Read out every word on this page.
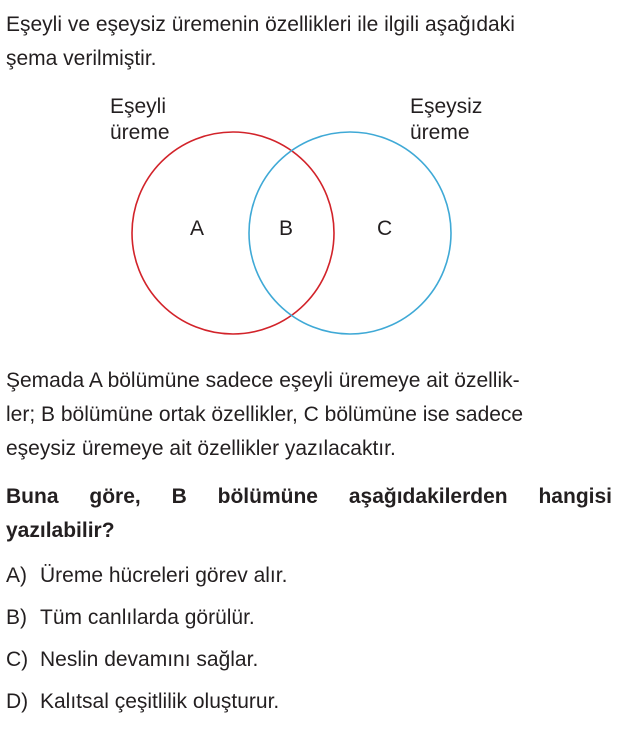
Eşeyli ve eşeysiz üremenin özellikleri ile ilgili aşağıdaki
şema verilmiştir.

Eşeyli
üreme
Eşeysiz
üreme
A	B	C

Şemada A bölümüne sadece eşeyli üremeye ait özellik-
ler; B bölümüne ortak özellikler, C bölümüne ise sadece
eşeysiz üremeye ait özellikler yazılacaktır.

Buna göre, B bölümüne aşağıdakilerden hangisi
yazılabilir?

A) Üreme hücreleri görev alır.
B) Tüm canlılarda görülür.
C) Neslin devamını sağlar.
D) Kalıtsal çeşitlilik oluşturur.
